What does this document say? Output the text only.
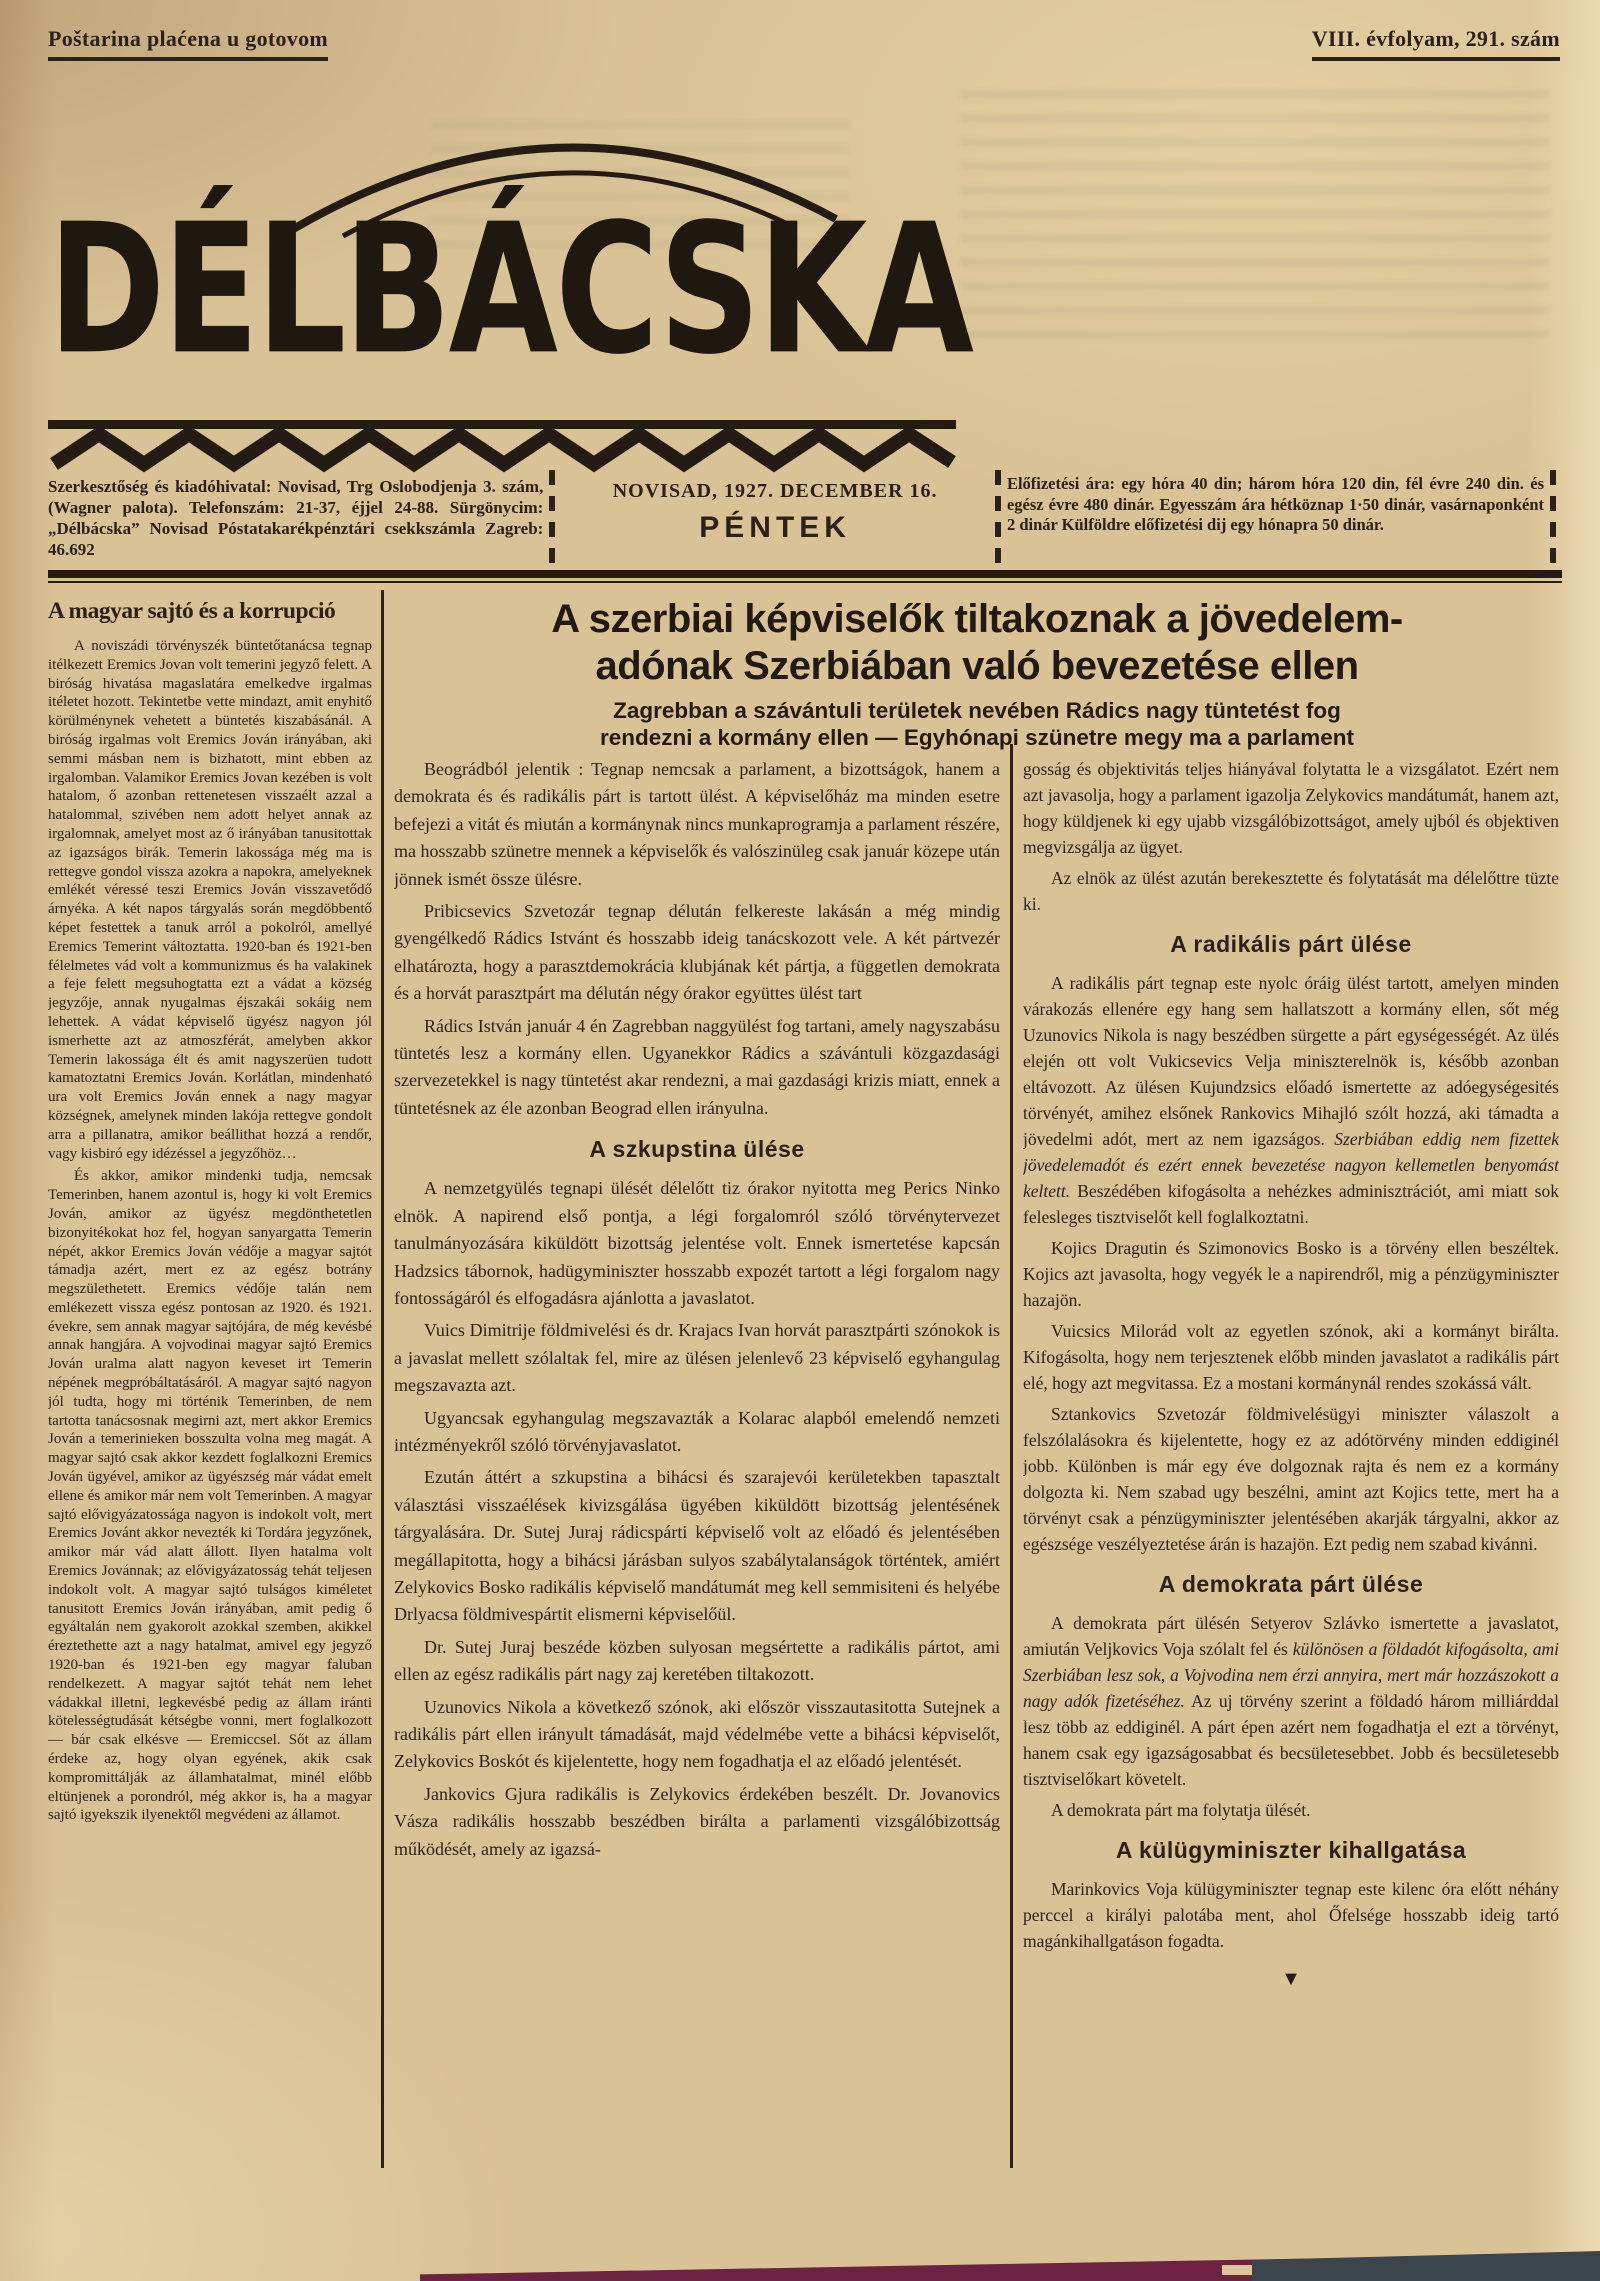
Poštarina plaćena u gotovom	VIII. évfolyam, 291. szám
DÉLBÁCSKA
Szerkesztőség és kiadóhivatal: Novisad, Trg Oslobodjenja 3. szám, (Wagner palota). Telefonszám: 21-37, éjjel 24-88. Sürgönycim: „Délbácska” Novisad Póstatakarékpénztári csekkszámla Zagreb: 46.692
NOVISAD, 1927. DECEMBER 16.
PÉNTEK
Előfizetési ára: egy hóra 40 din; három hóra 120 din, fél évre 240 din. és egész évre 480 dinár. Egyesszám ára hétköznap 1·50 dinár, vasárnaponként 2 dinár Külföldre előfizetési dij egy hónapra 50 dinár.
A magyar sajtó és a korrupció

A noviszádi törvényszék büntetőtanácsa tegnap itélkezett Eremics Jovan volt temerini jegyző felett. A biróság hivatása magaslatára emelkedve irgalmas itéletet hozott. Tekintetbe vette mindazt, amit enyhitő körülménynek vehetett a büntetés kiszabásánál. A biróság irgalmas volt Eremics Jován irányában, aki semmi másban nem is bizhatott, mint ebben az irgalomban. Valamikor Eremics Jovan kezében is volt hatalom, ő azonban rettenetesen visszaélt azzal a hatalommal, szivében nem adott helyet annak az irgalomnak, amelyet most az ő irányában tanusitottak az igazságos birák. Temerin lakossága még ma is rettegve gondol vissza azokra a napokra, amelyeknek emlékét véressé teszi Eremics Jován visszavetődő árnyéka. A két napos tárgyalás során megdöbbentő képet festettek a tanuk arról a pokolról, amellyé Eremics Temerint változtatta. 1920-ban és 1921-ben félelmetes vád volt a kommunizmus és ha valakinek a feje felett megsuhogtatta ezt a vádat a község jegyzője, annak nyugalmas éjszakái sokáig nem lehettek. A vádat képviselő ügyész nagyon jól ismerhette azt az atmoszférát, amelyben akkor Temerin lakossága élt és amit nagyszerüen tudott kamatoztatni Eremics Jován. Korlátlan, mindenható ura volt Eremics Jován ennek a nagy magyar községnek, amelynek minden lakója rettegve gondolt arra a pillanatra, amikor beállithat hozzá a rendőr, vagy kisbiró egy idézéssel a jegyzőhöz…

És akkor, amikor mindenki tudja, nemcsak Temerinben, hanem azontul is, hogy ki volt Eremics Jován, amikor az ügyész megdönthetetlen bizonyitékokat hoz fel, hogyan sanyargatta Temerin népét, akkor Eremics Jován védője a magyar sajtót támadja azért, mert ez az egész botrány megszülethetett. Eremics védője talán nem emlékezett vissza egész pontosan az 1920. és 1921. évekre, sem annak magyar sajtójára, de még kevésbé annak hangjára. A vojvodinai magyar sajtó Eremics Jován uralma alatt nagyon keveset irt Temerin népének megpróbáltatásáról. A magyar sajtó nagyon jól tudta, hogy mi történik Temerinben, de nem tartotta tanácsosnak megirni azt, mert akkor Eremics Jován a temerinieken bosszulta volna meg magát. A magyar sajtó csak akkor kezdett foglalkozni Eremics Jován ügyével, amikor az ügyészség már vádat emelt ellene és amikor már nem volt Temerinben. A magyar sajtó elővigyázatossága nagyon is indokolt volt, mert Eremics Jovánt akkor nevezték ki Tordára jegyzőnek, amikor már vád alatt állott. Ilyen hatalma volt Eremics Jovánnak; az elővigyázatosság tehát teljesen indokolt volt. A magyar sajtó tulságos kiméletet tanusitott Eremics Jován irányában, amit pedig ő egyáltalán nem gyakorolt azokkal szemben, akikkel éreztethette azt a nagy hatalmat, amivel egy jegyző 1920-ban és 1921-ben egy magyar faluban rendelkezett. A magyar sajtót tehát nem lehet vádakkal illetni, legkevésbé pedig az állam iránti kötelességtudását kétségbe vonni, mert foglalkozott — bár csak elkésve — Eremiccsel. Sőt az állam érdeke az, hogy olyan egyének, akik csak kompromittálják az államhatalmat, minél előbb eltünjenek a porondról, még akkor is, ha a magyar sajtó igyekszik ilyenektől megvédeni az államot.

A szerbiai képviselők tiltakoznak a jövedelem-
adónak Szerbiában való bevezetése ellen
Zagrebban a szávántuli területek nevében Rádics nagy tüntetést fog
rendezni a kormány ellen — Egyhónapi szünetre megy ma a parlament

Beográdból jelentik : Tegnap nemcsak a parlament, a bizottságok, hanem a demokrata és és radikális párt is tartott ülést. A képviselőház ma minden esetre befejezi a vitát és miután a kormánynak nincs munkaprogramja a parlament részére, ma hosszabb szünetre mennek a képviselők és valószinüleg csak január közepe után jönnek ismét össze ülésre.

Pribicsevics Szvetozár tegnap délután felkereste lakásán a még mindig gyengélkedő Rádics Istvánt és hosszabb ideig tanácskozott vele. A két pártvezér elhatározta, hogy a parasztdemokrácia klubjának két pártja, a független demokrata és a horvát parasztpárt ma délután négy órakor együttes ülést tart

Rádics István január 4 én Zagrebban naggyülést fog tartani, amely nagyszabásu tüntetés lesz a kormány ellen. Ugyanekkor Rádics a szávántuli közgazdasági szervezetekkel is nagy tüntetést akar rendezni, a mai gazdasági krizis miatt, ennek a tüntetésnek az éle azonban Beograd ellen irányulna.

A szkupstina ülése

A nemzetgyülés tegnapi ülését délelőtt tiz órakor nyitotta meg Perics Ninko elnök. A napirend első pontja, a légi forgalomról szóló törvénytervezet tanulmányozására kiküldött bizottság jelentése volt. Ennek ismertetése kapcsán Hadzsics tábornok, hadügyminiszter hosszabb expozét tartott a légi forgalom nagy fontosságáról és elfogadásra ajánlotta a javaslatot.

Vuics Dimitrije földmivelési és dr. Krajacs Ivan horvát parasztpárti szónokok is a javaslat mellett szólaltak fel, mire az ülésen jelenlevő 23 képviselő egyhangulag megszavazta azt.

Ugyancsak egyhangulag megszavazták a Kolarac alapból emelendő nemzeti intézményekről szóló törvényjavaslatot.

Ezután áttért a szkupstina a bihácsi és szarajevói kerületekben tapasztalt választási visszaélések kivizsgálása ügyében kiküldött bizottság jelentésének tárgyalására. Dr. Sutej Juraj rádicspárti képviselő volt az előadó és jelentésében megállapitotta, hogy a bihácsi járásban sulyos szabálytalanságok történtek, amiért Zelykovics Bosko radikális képviselő mandátumát meg kell semmisiteni és helyébe Drlyacsa földmivespártit elismerni képviselőül.

Dr. Sutej Juraj beszéde közben sulyosan megsértette a radikális pártot, ami ellen az egész radikális párt nagy zaj keretében tiltakozott.

Uzunovics Nikola a következő szónok, aki először visszautasitotta Sutejnek a radikális párt ellen irányult támadását, majd védelmébe vette a bihácsi képviselőt, Zelykovics Boskót és kijelentette, hogy nem fogadhatja el az előadó jelentését.

Jankovics Gjura radikális is Zelykovics érdekében beszélt. Dr. Jovanovics Vásza radikális hosszabb beszédben birálta a parlamenti vizsgálóbizottság működését, amely az igazsá-

gosság és objektivitás teljes hiányával folytatta le a vizsgálatot. Ezért nem azt javasolja, hogy a parlament igazolja Zelykovics mandátumát, hanem azt, hogy küldjenek ki egy ujabb vizsgálóbizottságot, amely ujból és objektiven megvizsgálja az ügyet.

Az elnök az ülést azután berekesztette és folytatását ma délelőttre tüzte ki.

A radikális párt ülése

A radikális párt tegnap este nyolc óráig ülést tartott, amelyen minden várakozás ellenére egy hang sem hallatszott a kormány ellen, sőt még Uzunovics Nikola is nagy beszédben sürgette a párt egységességét. Az ülés elején ott volt Vukicsevics Velja miniszterelnök is, később azonban eltávozott. Az ülésen Kujundzsics előadó ismertette az adóegységesités törvényét, amihez elsőnek Rankovics Mihajló szólt hozzá, aki támadta a jövedelmi adót, mert az nem igazságos. Szerbiában eddig nem fizettek jövedelemadót és ezért ennek bevezetése nagyon kellemetlen benyomást keltett. Beszédében kifogásolta a nehézkes adminisztrációt, ami miatt sok felesleges tisztviselőt kell foglalkoztatni.

Kojics Dragutin és Szimonovics Bosko is a törvény ellen beszéltek. Kojics azt javasolta, hogy vegyék le a napirendről, mig a pénzügyminiszter hazajön.

Vuicsics Milorád volt az egyetlen szónok, aki a kormányt birálta. Kifogásolta, hogy nem terjesztenek előbb minden javaslatot a radikális párt elé, hogy azt megvitassa. Ez a mostani kormánynál rendes szokássá vált.

Sztankovics Szvetozár földmivelésügyi miniszter válaszolt a felszólalásokra és kijelentette, hogy ez az adótörvény minden eddiginél jobb. Különben is már egy éve dolgoznak rajta és nem ez a kormány dolgozta ki. Nem szabad ugy beszélni, amint azt Kojics tette, mert ha a törvényt csak a pénzügyminiszter jelentésében akarják tárgyalni, akkor az egészsége veszélyeztetése árán is hazajön. Ezt pedig nem szabad kivánni.

A demokrata párt ülése

A demokrata párt ülésén Setyerov Szlávko ismertette a javaslatot, amiután Veljkovics Voja szólalt fel és különösen a földadót kifogásolta, ami Szerbiában lesz sok, a Vojvodina nem érzi annyira, mert már hozzászokott a nagy adók fizetéséhez. Az uj törvény szerint a földadó három milliárddal lesz több az eddiginél. A párt épen azért nem fogadhatja el ezt a törvényt, hanem csak egy igazságosabbat és becsületesebbet. Jobb és becsületesebb tisztviselőkart követelt.

A demokrata párt ma folytatja ülését.

A külügyminiszter kihallgatása

Marinkovics Voja külügyminiszter tegnap este kilenc óra előtt néhány perccel a királyi palotába ment, ahol Őfelsége hosszabb ideig tartó magánkihallgatáson fogadta.

▼
